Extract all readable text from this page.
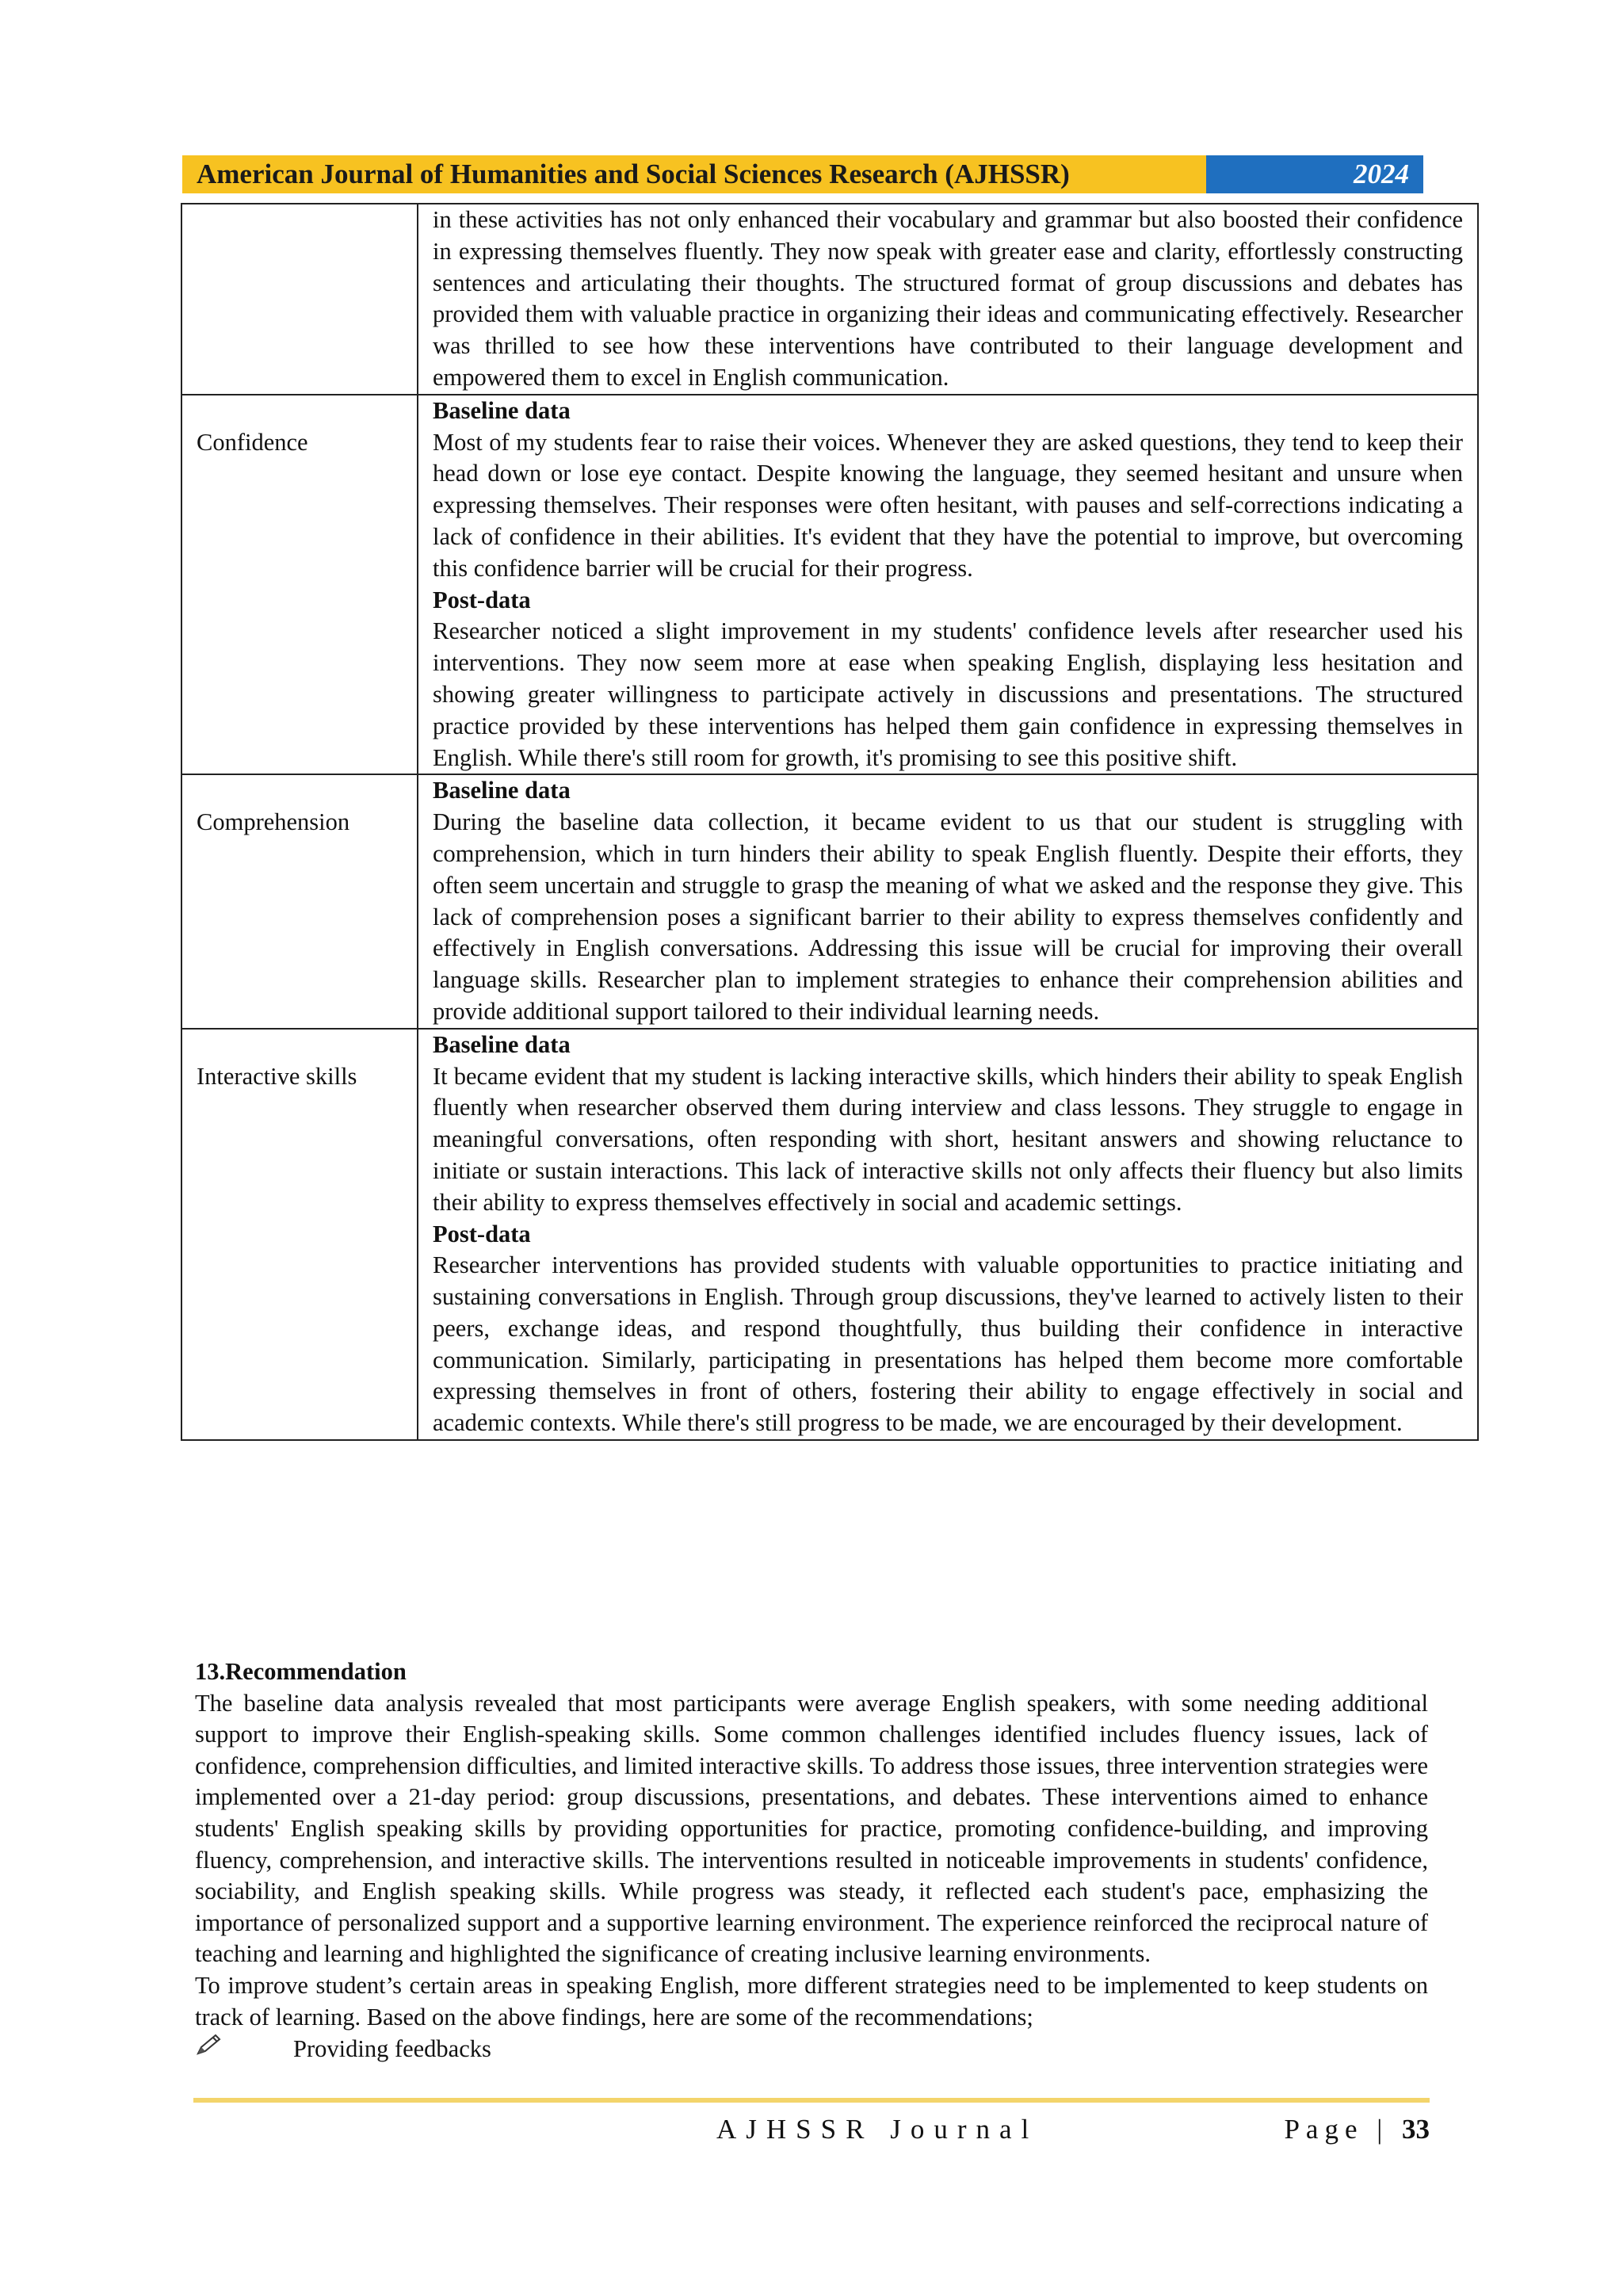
American Journal of Humanities and Social Sciences Research (AJHSSR)	2024

	in these activities has not only enhanced their vocabulary and grammar but also boosted their confidence in expressing themselves fluently. They now speak with greater ease and clarity, effortlessly constructing sentences and articulating their thoughts. The structured format of group discussions and debates has provided them with valuable practice in organizing their ideas and communicating effectively. Researcher was thrilled to see how these interventions have contributed to their language development and empowered them to excel in English communication.

Confidence	Baseline data
Most of my students fear to raise their voices. Whenever they are asked questions, they tend to keep their head down or lose eye contact. Despite knowing the language, they seemed hesitant and unsure when expressing themselves. Their responses were often hesitant, with pauses and self-corrections indicating a lack of confidence in their abilities. It's evident that they have the potential to improve, but overcoming this confidence barrier will be crucial for their progress.
Post-data
Researcher noticed a slight improvement in my students' confidence levels after researcher used his interventions. They now seem more at ease when speaking English, displaying less hesitation and showing greater willingness to participate actively in discussions and presentations. The structured practice provided by these interventions has helped them gain confidence in expressing themselves in English. While there's still room for growth, it's promising to see this positive shift.

Comprehension	Baseline data
During the baseline data collection, it became evident to us that our student is struggling with comprehension, which in turn hinders their ability to speak English fluently. Despite their efforts, they often seem uncertain and struggle to grasp the meaning of what we asked and the response they give. This lack of comprehension poses a significant barrier to their ability to express themselves confidently and effectively in English conversations. Addressing this issue will be crucial for improving their overall language skills. Researcher plan to implement strategies to enhance their comprehension abilities and provide additional support tailored to their individual learning needs.

Interactive skills	Baseline data
It became evident that my student is lacking interactive skills, which hinders their ability to speak English fluently when researcher observed them during interview and class lessons. They struggle to engage in meaningful conversations, often responding with short, hesitant answers and showing reluctance to initiate or sustain interactions. This lack of interactive skills not only affects their fluency but also limits their ability to express themselves effectively in social and academic settings.
Post-data
Researcher interventions has provided students with valuable opportunities to practice initiating and sustaining conversations in English. Through group discussions, they've learned to actively listen to their peers, exchange ideas, and respond thoughtfully, thus building their confidence in interactive communication. Similarly, participating in presentations has helped them become more comfortable expressing themselves in front of others, fostering their ability to engage effectively in social and academic contexts. While there's still progress to be made, we are encouraged by their development.
13.Recommendation

The baseline data analysis revealed that most participants were average English speakers, with some needing additional support to improve their English-speaking skills. Some common challenges identified includes fluency issues, lack of confidence, comprehension difficulties, and limited interactive skills. To address those issues, three intervention strategies were implemented over a 21-day period: group discussions, presentations, and debates. These interventions aimed to enhance students' English speaking skills by providing opportunities for practice, promoting confidence-building, and improving fluency, comprehension, and interactive skills. The interventions resulted in noticeable improvements in students' confidence, sociability, and English speaking skills. While progress was steady, it reflected each student's pace, emphasizing the importance of personalized support and a supportive learning environment. The experience reinforced the reciprocal nature of teaching and learning and highlighted the significance of creating inclusive learning environments.

To improve student’s certain areas in speaking English, more different strategies need to be implemented to keep students on track of learning. Based on the above findings, here are some of the recommendations;

Providing feedbacks
AJHSSR Journal	Page | 33
